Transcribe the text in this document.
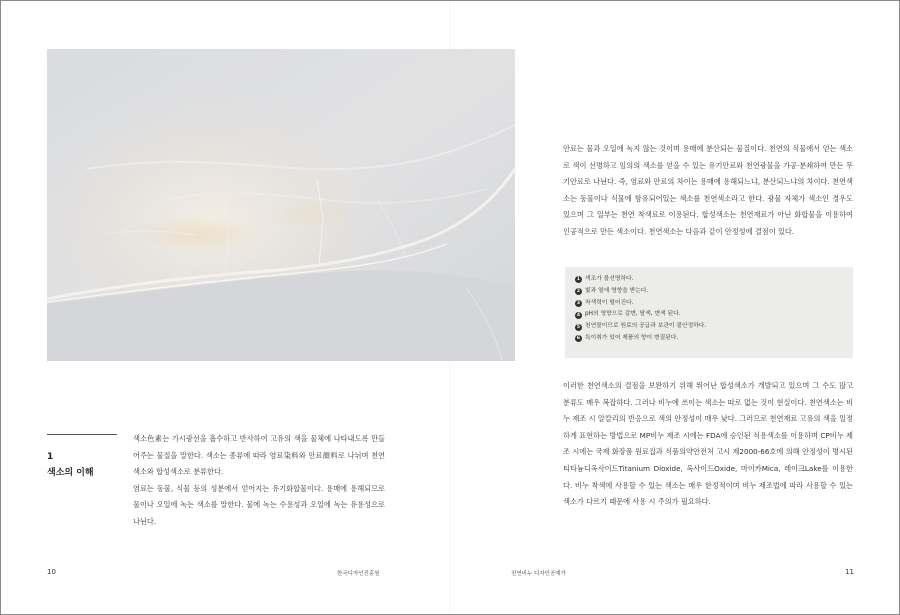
1
색소의 이해

색소色素는 가시광선을 흡수하고 반사하여 고유의 색을 물체에 나타내도록 만들어주는 물질을 말한다. 색소는 종류에 따라 염료染料와 안료顔料로 나뉘며 천연색소와 합성색소로 분류한다.

염료는 동물, 식물 등의 성분에서 얻어지는 유기화합물이다. 용매에 용해되므로 물이나 오일에 녹는 색소를 말한다. 물에 녹는 수용성과 오일에 녹는 유용성으로 나뉜다.

안료는 물과 오일에 녹지 않는 것이며 용매에 분산되는 물질이다. 천연의 식물에서 얻는 색소로 색이 선명하고 임의의 색소를 얻을 수 있는 유기안료와 천연광물을 가공·분쇄하여 만든 무기안료로 나뉜다. 즉, 염료와 안료의 차이는 용매에 용해되느냐, 분산되느냐의 차이다. 천연색소는 동물이나 식물에 함유되어있는 색소를 천연색소라고 한다. 광물 자체가 색소인 경우도 있으며 그 일부는 천연 착색료로 이용된다. 합성색소는 천연재료가 아닌 화합물을 이용하여 인공적으로 만든 색소이다. 천연색소는 다음과 같이 안정성에 결점이 있다.

1 색조가 불선명하다.
2 빛과 열에 영향을 받는다.
3 착색력이 떨어진다.
4 pH의 영향으로 갈변, 탈색, 변색 된다.
5 천연물이므로 원료의 공급과 보관이 불안정하다.
6 특이취가 있어 제품의 향이 변질된다.

이러한 천연색소의 결점을 보완하기 위해 뛰어난 합성색소가 개발되고 있으며 그 수도 많고 분류도 매우 복잡하다. 그러나 비누에 쓰이는 색소는 따로 없는 것이 현실이다. 천연색소는 비누 제조 시 알칼리의 반응으로 색의 안정성이 매우 낮다. 그러므로 천연재료 고유의 색을 일정하게 표현하는 방법으로 MP비누 제조 시에는 FDA에 승인된 식용색소를 이용하며 CP비누 제조 시에는 국제 화장품 원료집과 식품의약안전처 고시 제2000-66호에 의해 안정성이 명시된 티타늄디옥사이드Titanium Dioxide, 옥사이드Oxide, 마이카Mica, 레이크Lake를 이용한다. 비누 착색에 사용할 수 있는 색소는 매우 한정적이며 비누 제조법에 따라 사용할 수 있는 색소가 다르기 때문에 사용 시 주의가 필요하다.

10	한국디자인진흥원	천연비누 디자인공예가	11
